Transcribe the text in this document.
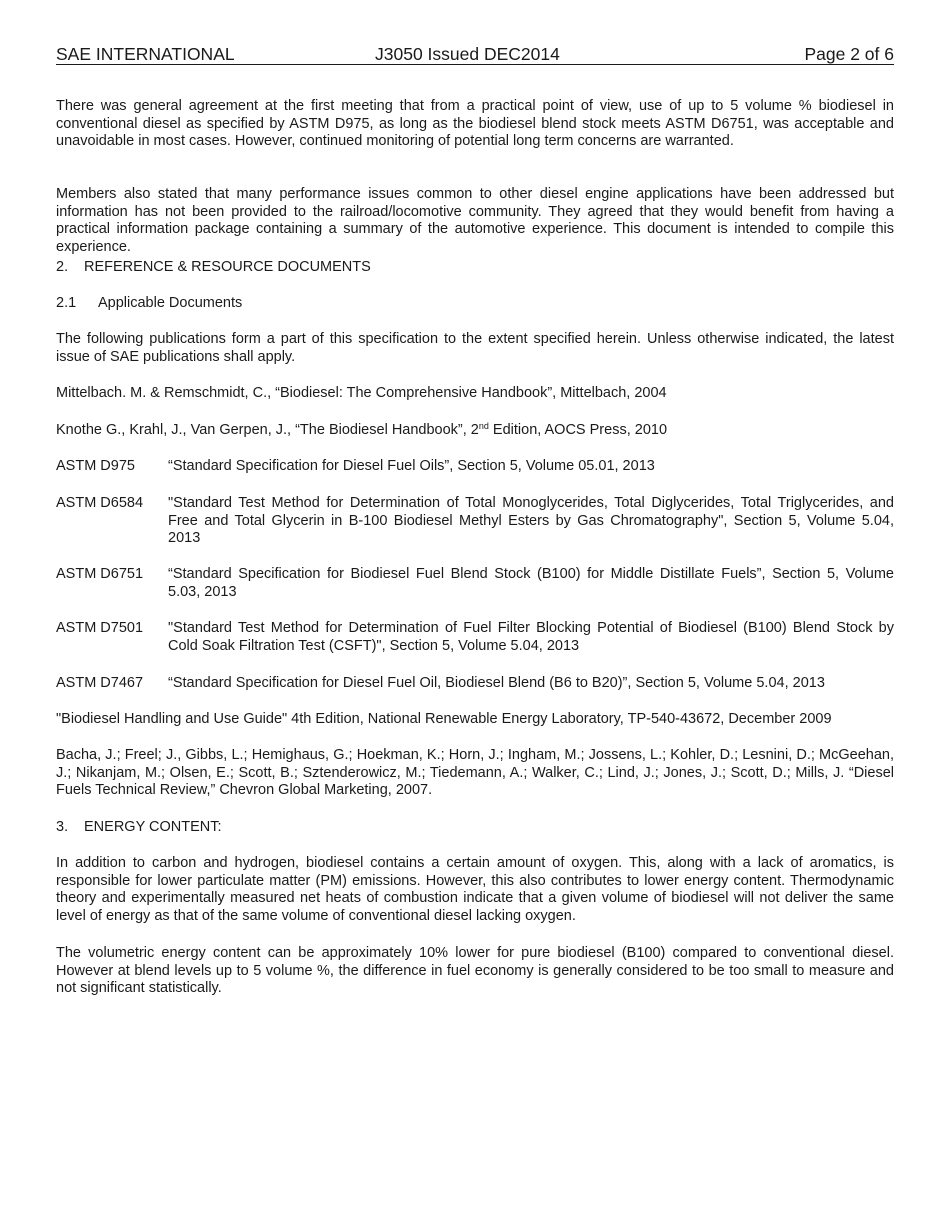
SAE INTERNATIONAL	J3050 Issued DEC2014	Page 2 of 6

There was general agreement at the first meeting that from a practical point of view, use of up to 5 volume % biodiesel in conventional diesel as specified by ASTM D975, as long as the biodiesel blend stock meets ASTM D6751, was acceptable and unavoidable in most cases. However, continued monitoring of potential long term concerns are warranted.

Members also stated that many performance issues common to other diesel engine applications have been addressed but information has not been provided to the railroad/locomotive community. They agreed that they would benefit from having a practical information package containing a summary of the automotive experience. This document is intended to compile this experience.

2. REFERENCE & RESOURCE DOCUMENTS
2.1 Applicable Documents

The following publications form a part of this specification to the extent specified herein. Unless otherwise indicated, the latest issue of SAE publications shall apply.

Mittelbach. M. & Remschmidt, C., “Biodiesel: The Comprehensive Handbook”, Mittelbach, 2004

Knothe G., Krahl, J., Van Gerpen, J., “The Biodiesel Handbook”, 2nd Edition, AOCS Press, 2010

ASTM D975	“Standard Specification for Diesel Fuel Oils”, Section 5, Volume 05.01, 2013
ASTM D6584	"Standard Test Method for Determination of Total Monoglycerides, Total Diglycerides, Total Triglycerides, and Free and Total Glycerin in B-100 Biodiesel Methyl Esters by Gas Chromatography", Section 5, Volume 5.04, 2013
ASTM D6751	“Standard Specification for Biodiesel Fuel Blend Stock (B100) for Middle Distillate Fuels”, Section 5, Volume 5.03, 2013
ASTM D7501	"Standard Test Method for Determination of Fuel Filter Blocking Potential of Biodiesel (B100) Blend Stock by Cold Soak Filtration Test (CSFT)", Section 5, Volume 5.04, 2013
ASTM D7467	“Standard Specification for Diesel Fuel Oil, Biodiesel Blend (B6 to B20)”, Section 5, Volume 5.04, 2013

"Biodiesel Handling and Use Guide" 4th Edition, National Renewable Energy Laboratory, TP-540-43672, December 2009

Bacha, J.; Freel; J., Gibbs, L.; Hemighaus, G.; Hoekman, K.; Horn, J.; Ingham, M.; Jossens, L.; Kohler, D.; Lesnini, D.; McGeehan, J.; Nikanjam, M.; Olsen, E.; Scott, B.; Sztenderowicz, M.; Tiedemann, A.; Walker, C.; Lind, J.; Jones, J.; Scott, D.; Mills, J. “Diesel Fuels Technical Review,” Chevron Global Marketing, 2007.

3. ENERGY CONTENT:

In addition to carbon and hydrogen, biodiesel contains a certain amount of oxygen. This, along with a lack of aromatics, is responsible for lower particulate matter (PM) emissions. However, this also contributes to lower energy content. Thermodynamic theory and experimentally measured net heats of combustion indicate that a given volume of biodiesel will not deliver the same level of energy as that of the same volume of conventional diesel lacking oxygen.

The volumetric energy content can be approximately 10% lower for pure biodiesel (B100) compared to conventional diesel. However at blend levels up to 5 volume %, the difference in fuel economy is generally considered to be too small to measure and not significant statistically.
